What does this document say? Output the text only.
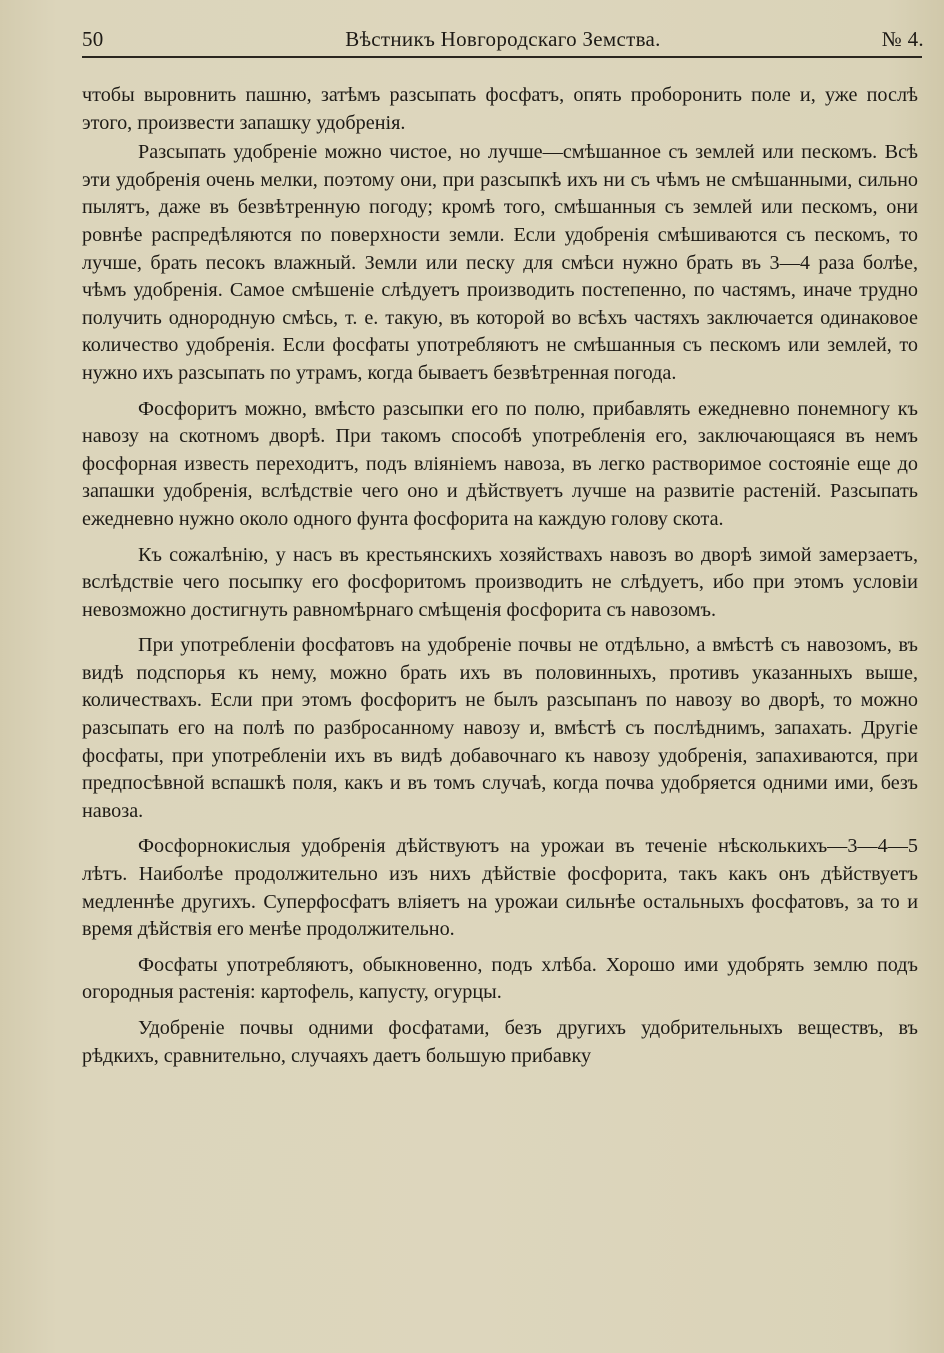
50	Вѣстникъ Новгородскаго Земства.	№ 4.

чтобы выровнить пашню, затѣмъ разсыпать фосфатъ, опять проборонить поле и, уже послѣ этого, произвести запашку удобренія.

Разсыпать удобреніе можно чистое, но лучше—смѣшанное съ землей или пескомъ. Всѣ эти удобренія очень мелки, поэтому они, при разсыпкѣ ихъ ни съ чѣмъ не смѣшанными, сильно пылятъ, даже въ безвѣтренную погоду; кромѣ того, смѣшанныя съ землей или пескомъ, они ровнѣе распредѣляются по поверхности земли. Если удобренія смѣшиваются съ пескомъ, то лучше, брать песокъ влажный. Земли или песку для смѣси нужно брать въ 3—4 раза болѣе, чѣмъ удобренія. Самое смѣшеніе слѣдуетъ производить постепенно, по частямъ, иначе трудно получить однородную смѣсь, т. е. такую, въ которой во всѣхъ частяхъ заключается одинаковое количество удобренія. Если фосфаты употребляютъ не смѣшанныя съ пескомъ или землей, то нужно ихъ разсыпать по утрамъ, когда бываетъ безвѣтренная погода.

Фосфоритъ можно, вмѣсто разсыпки его по полю, прибавлять ежедневно понемногу къ навозу на скотномъ дворѣ. При такомъ способѣ употребленія его, заключающаяся въ немъ фосфорная известь переходитъ, подъ вліяніемъ навоза, въ легко растворимое состояніе еще до запашки удобренія, вслѣдствіе чего оно и дѣйствуетъ лучше на развитіе растеній. Разсыпать ежедневно нужно около одного фунта фосфорита на каждую голову скота.

Къ сожалѣнію, у насъ въ крестьянскихъ хозяйствахъ навозъ во дворѣ зимой замерзаетъ, вслѣдствіе чего посыпку его фосфоритомъ производить не слѣдуетъ, ибо при этомъ условіи невозможно достигнуть равномѣрнаго смѣщенія фосфорита съ навозомъ.

При употребленіи фосфатовъ на удобреніе почвы не отдѣльно, а вмѣстѣ съ навозомъ, въ видѣ подспорья къ нему, можно брать ихъ въ половинныхъ, противъ указанныхъ выше, количествахъ. Если при этомъ фосфоритъ не былъ разсыпанъ по навозу во дворѣ, то можно разсыпать его на полѣ по разбросанному навозу и, вмѣстѣ съ послѣднимъ, запахать. Другіе фосфаты, при употребленіи ихъ въ видѣ добавочнаго къ навозу удобренія, запахиваются, при предпосѣвной вспашкѣ поля, какъ и въ томъ случаѣ, когда почва удобряется одними ими, безъ навоза.

Фосфорнокислыя удобренія дѣйствуютъ на урожаи въ теченіе нѣсколькихъ—3—4—5 лѣтъ. Наиболѣе продолжительно изъ нихъ дѣйствіе фосфорита, такъ какъ онъ дѣйствуетъ медленнѣе другихъ. Суперфосфатъ вліяетъ на урожаи сильнѣе остальныхъ фосфатовъ, за то и время дѣйствія его менѣе продолжительно.

Фосфаты употребляютъ, обыкновенно, подъ хлѣба. Хорошо ими удобрять землю подъ огородныя растенія: картофель, капусту, огурцы.

Удобреніе почвы одними фосфатами, безъ другихъ удобрительныхъ веществъ, въ рѣдкихъ, сравнительно, случаяхъ даетъ большую прибавку
